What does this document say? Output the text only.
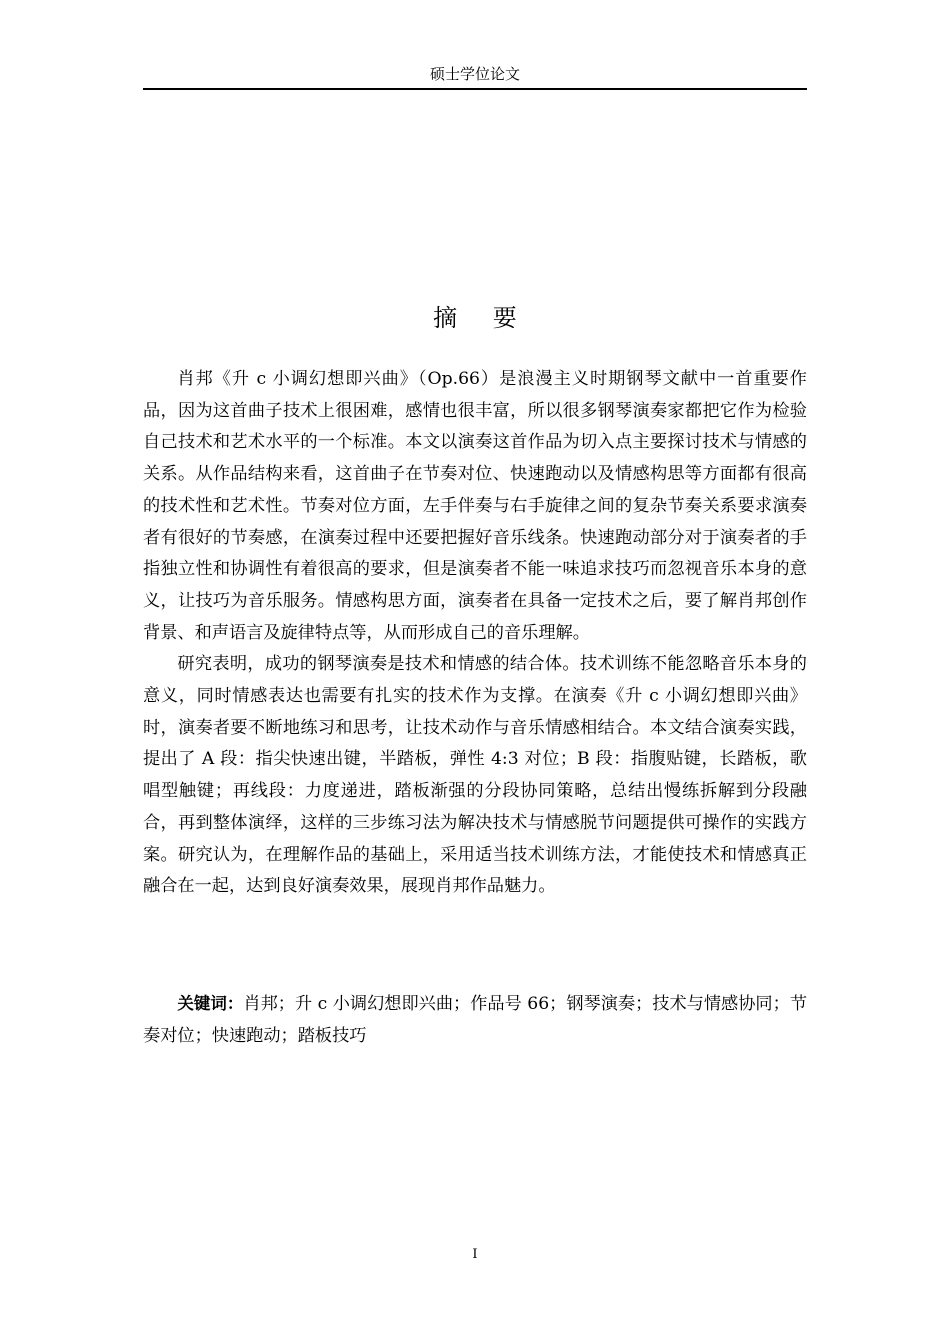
硕士学位论文
摘 要

肖邦《升 c 小调幻想即兴曲》（Op.66）是浪漫主义时期钢琴文献中一首重要作品，因为这首曲子技术上很困难，感情也很丰富，所以很多钢琴演奏家都把它作为检验自己技术和艺术水平的一个标准。本文以演奏这首作品为切入点主要探讨技术与情感的关系。从作品结构来看，这首曲子在节奏对位、快速跑动以及情感构思等方面都有很高的技术性和艺术性。节奏对位方面，左手伴奏与右手旋律之间的复杂节奏关系要求演奏者有很好的节奏感，在演奏过程中还要把握好音乐线条。快速跑动部分对于演奏者的手指独立性和协调性有着很高的要求，但是演奏者不能一味追求技巧而忽视音乐本身的意义，让技巧为音乐服务。情感构思方面，演奏者在具备一定技术之后，要了解肖邦创作背景、和声语言及旋律特点等，从而形成自己的音乐理解。

研究表明，成功的钢琴演奏是技术和情感的结合体。技术训练不能忽略音乐本身的意义，同时情感表达也需要有扎实的技术作为支撑。在演奏《升 c 小调幻想即兴曲》时，演奏者要不断地练习和思考，让技术动作与音乐情感相结合。本文结合演奏实践，提出了 A 段：指尖快速出键，半踏板，弹性 4:3 对位；B 段：指腹贴键，长踏板，歌唱型触键；再线段：力度递进，踏板渐强的分段协同策略，总结出慢练拆解到分段融合，再到整体演绎，这样的三步练习法为解决技术与情感脱节问题提供可操作的实践方案。研究认为，在理解作品的基础上，采用适当技术训练方法，才能使技术和情感真正融合在一起，达到良好演奏效果，展现肖邦作品魅力。

关键词：肖邦；升 c 小调幻想即兴曲；作品号 66；钢琴演奏；技术与情感协同；节奏对位；快速跑动；踏板技巧

I
